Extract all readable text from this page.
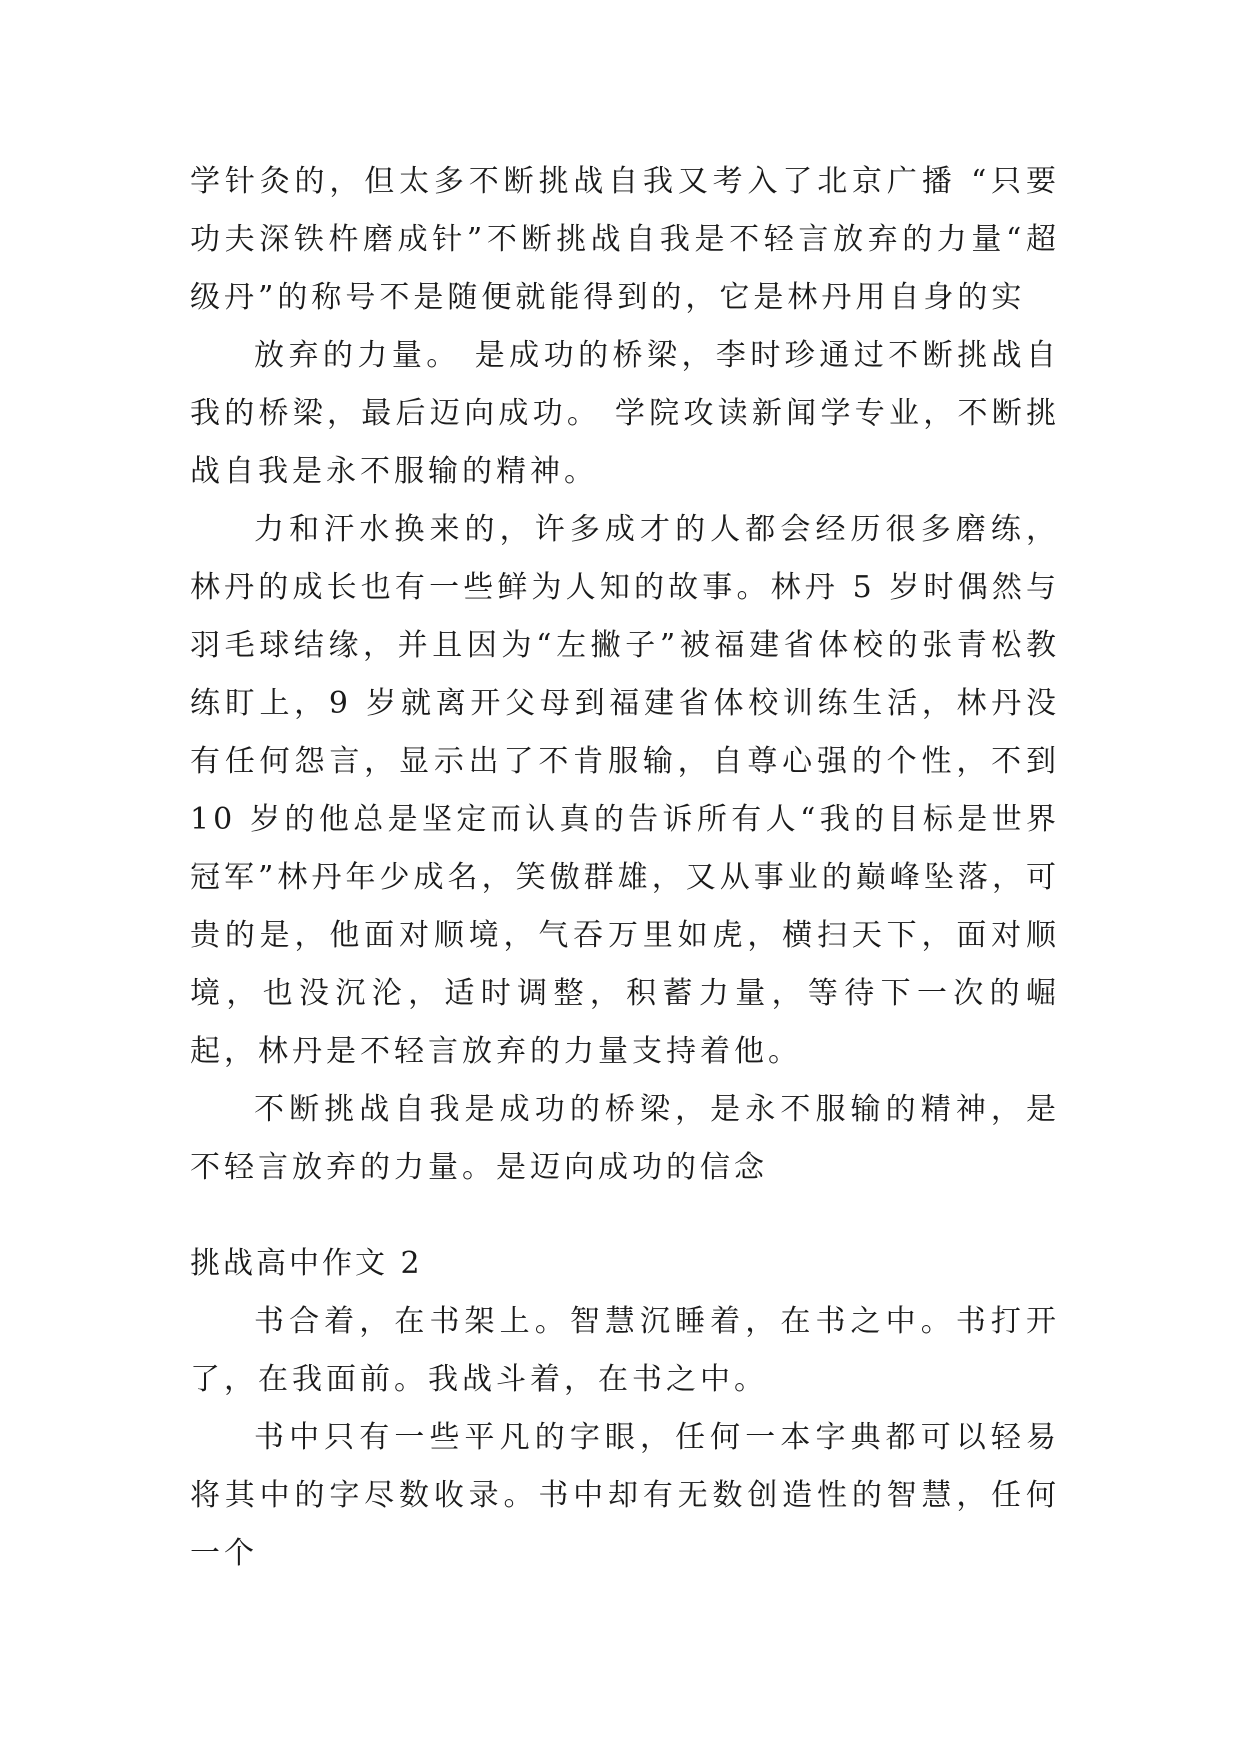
学针灸的，但太多不断挑战自我又考入了北京广播 “只要功夫深铁杵磨成针”不断挑战自我是不轻言放弃的力量“超级丹”的称号不是随便就能得到的，它是林丹用自身的实

放弃的力量。 是成功的桥梁，李时珍通过不断挑战自我的桥梁，最后迈向成功。 学院攻读新闻学专业，不断挑战自我是永不服输的精神。

力和汗水换来的，许多成才的人都会经历很多磨练，林丹的成长也有一些鲜为人知的故事。林丹 5 岁时偶然与羽毛球结缘，并且因为“左撇子”被福建省体校的张青松教练盯上，9 岁就离开父母到福建省体校训练生活，林丹没有任何怨言，显示出了不肯服输，自尊心强的个性，不到 10 岁的他总是坚定而认真的告诉所有人“我的目标是世界冠军”林丹年少成名，笑傲群雄，又从事业的巅峰坠落，可贵的是，他面对顺境，气吞万里如虎，横扫天下，面对顺境，也没沉沦，适时调整，积蓄力量，等待下一次的崛起，林丹是不轻言放弃的力量支持着他。

不断挑战自我是成功的桥梁，是永不服输的精神，是不轻言放弃的力量。是迈向成功的信念

挑战高中作文 2

书合着，在书架上。智慧沉睡着，在书之中。书打开了，在我面前。我战斗着，在书之中。

书中只有一些平凡的字眼，任何一本字典都可以轻易将其中的字尽数收录。书中却有无数创造性的智慧，任何一个
